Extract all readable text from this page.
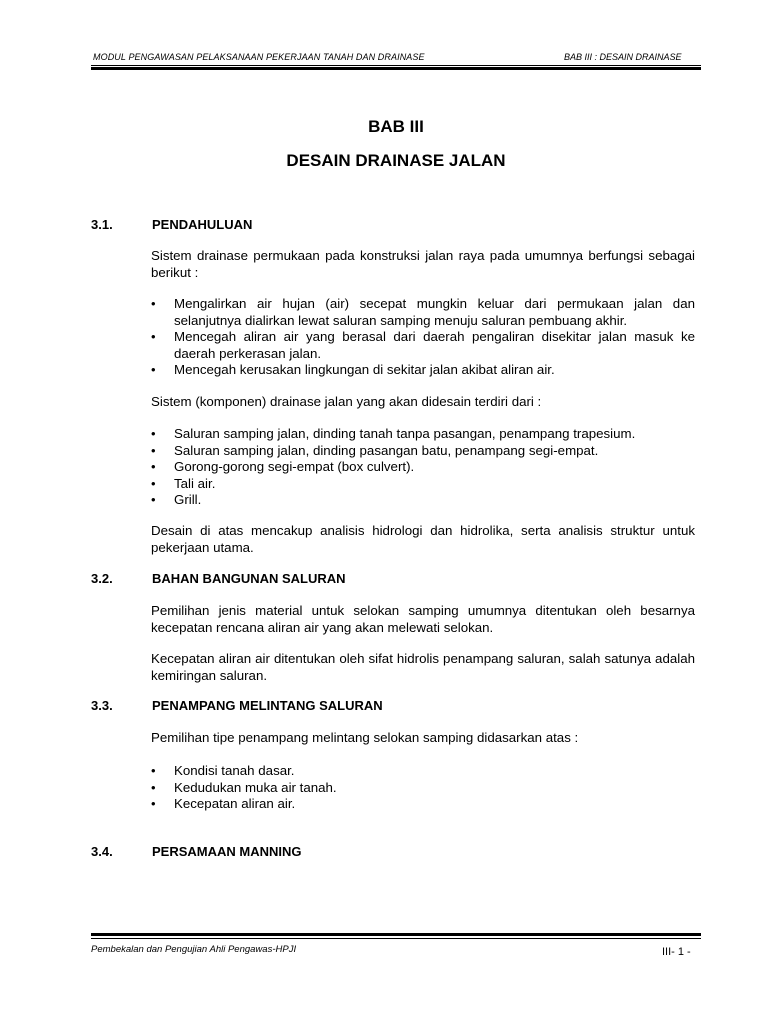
MODUL PENGAWASAN PELAKSANAAN PEKERJAAN TANAH DAN DRAINASE	BAB III : DESAIN DRAINASE
BAB III
DESAIN DRAINASE JALAN
3.1.	PENDAHULUAN
Sistem drainase permukaan pada konstruksi jalan raya pada umumnya berfungsi sebagai berikut :
•	Mengalirkan air hujan (air) secepat mungkin keluar dari permukaan jalan dan selanjutnya dialirkan lewat saluran samping menuju saluran pembuang akhir.
•	Mencegah aliran air yang berasal dari daerah pengaliran disekitar jalan masuk ke daerah perkerasan jalan.
•	Mencegah kerusakan lingkungan di sekitar jalan akibat aliran air.
Sistem (komponen) drainase jalan yang akan didesain terdiri dari :
•	Saluran samping jalan, dinding tanah tanpa pasangan, penampang trapesium.
•	Saluran samping jalan, dinding pasangan batu, penampang segi-empat.
•	Gorong-gorong segi-empat (box culvert).
•	Tali air.
•	Grill.
Desain di atas mencakup analisis hidrologi dan hidrolika, serta analisis struktur untuk pekerjaan utama.
3.2.	BAHAN BANGUNAN SALURAN
Pemilihan jenis material untuk selokan samping umumnya ditentukan oleh besarnya kecepatan rencana aliran air yang akan melewati selokan.
Kecepatan aliran air ditentukan oleh sifat hidrolis penampang saluran, salah satunya adalah kemiringan saluran.
3.3.	PENAMPANG MELINTANG SALURAN
Pemilihan tipe penampang melintang selokan samping didasarkan atas :
•	Kondisi tanah dasar.
•	Kedudukan muka air tanah.
•	Kecepatan aliran air.
3.4.	PERSAMAAN MANNING
Pembekalan dan Pengujian Ahli Pengawas-HPJI	III- 1 -
